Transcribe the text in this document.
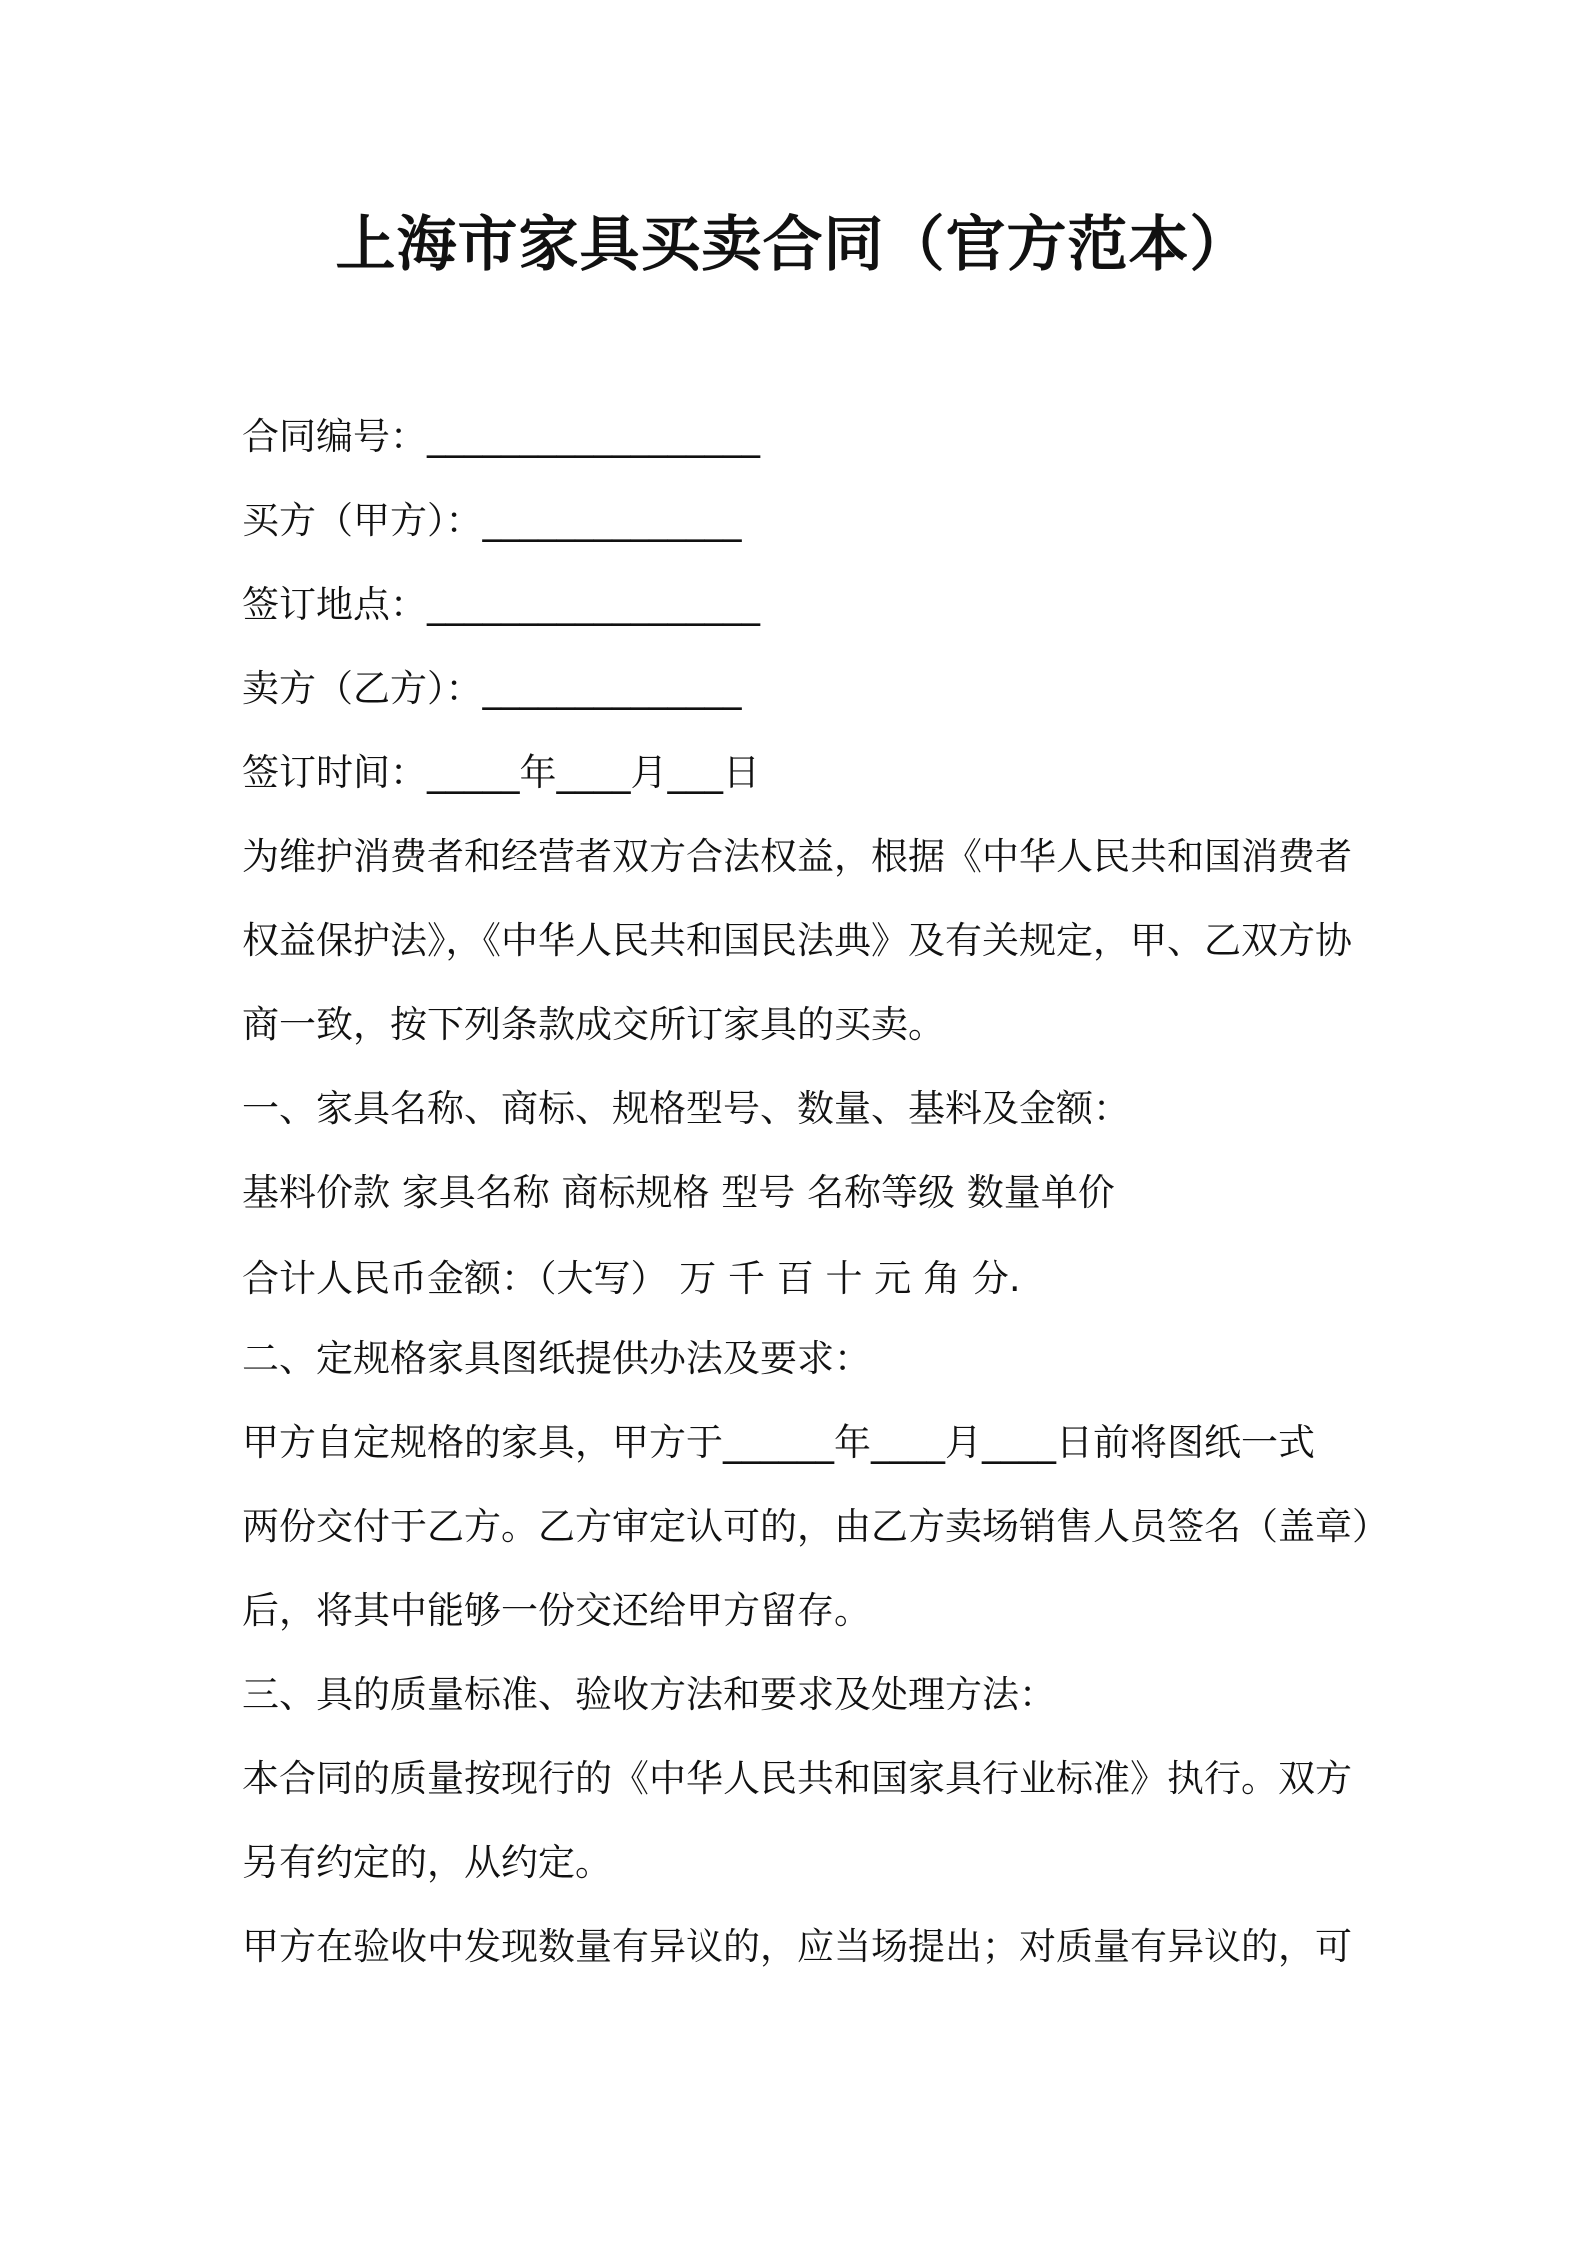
上海市家具买卖合同（官方范本）
合同编号：__________________
买方（甲方）：______________
签订地点：__________________
卖方（乙方）：______________
签订时间：_____年____月___日
为维护消费者和经营者双方合法权益，根据《中华人民共和国消费者
权益保护法》，《中华人民共和国民法典》及有关规定，甲、乙双方协
商一致，按下列条款成交所订家具的买卖。
一、家具名称、商标、规格型号、数量、基料及金额：
基料价款 家具名称 商标规格 型号 名称等级 数量单价
合计人民币金额：（大写） 万 千 百 十 元 角 分.
二、定规格家具图纸提供办法及要求：
甲方自定规格的家具，甲方于______年____月____日前将图纸一式
两份交付于乙方。乙方审定认可的，由乙方卖场销售人员签名（盖章）
后，将其中能够一份交还给甲方留存。
三、具的质量标准、验收方法和要求及处理方法：
本合同的质量按现行的《中华人民共和国家具行业标准》执行。双方
另有约定的，从约定。
甲方在验收中发现数量有异议的，应当场提出；对质量有异议的，可
